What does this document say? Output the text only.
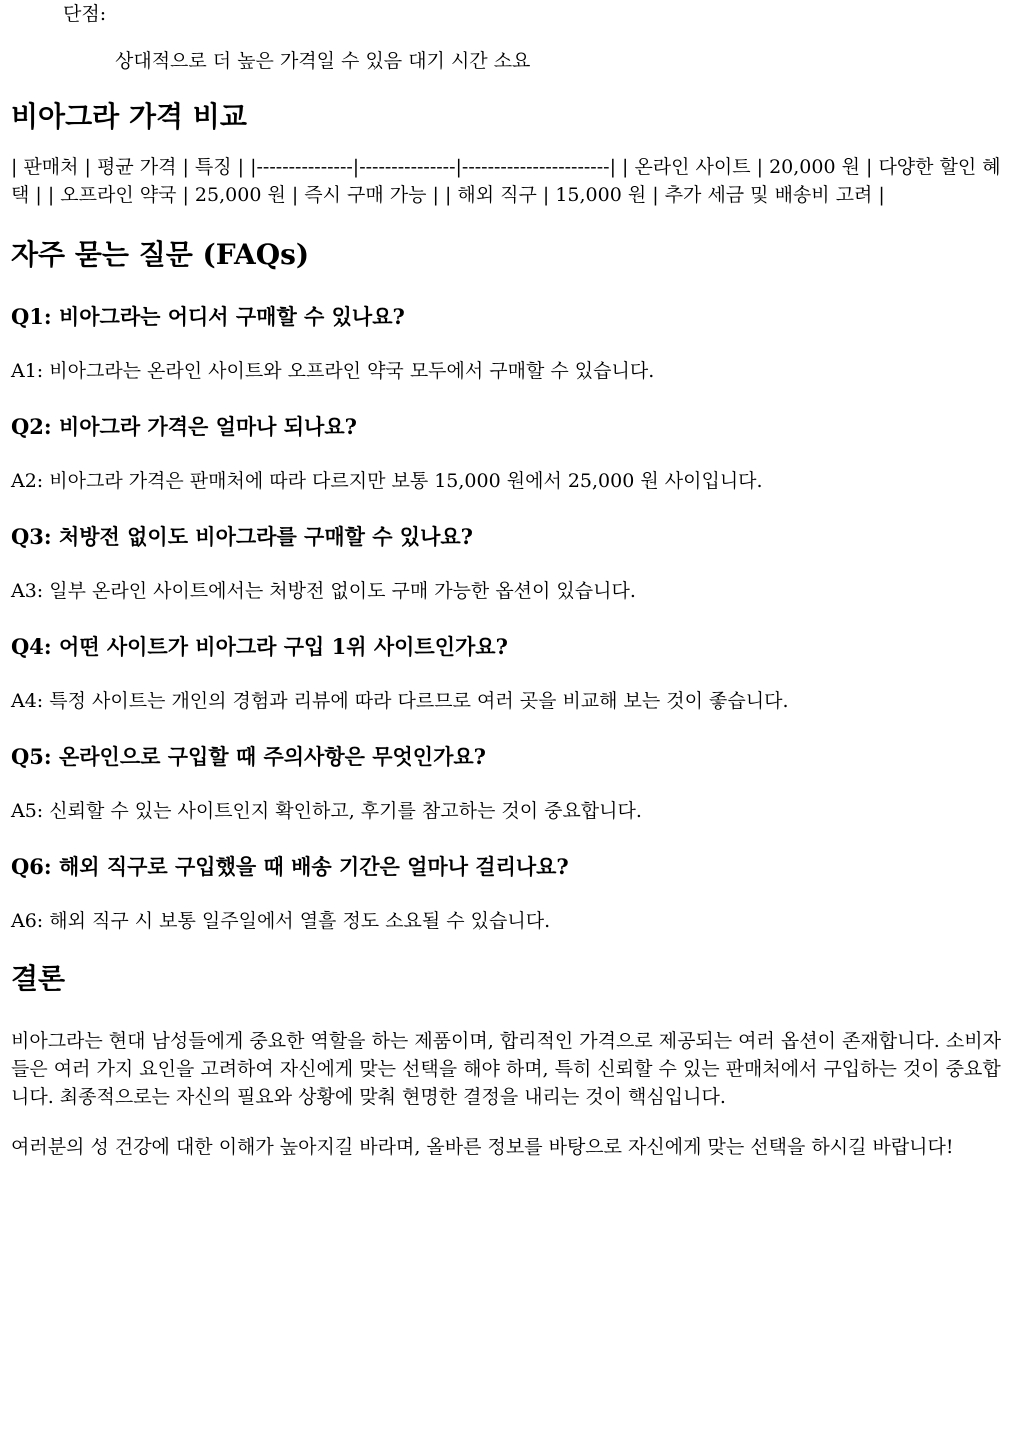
단점:

상대적으로 더 높은 가격일 수 있음 대기 시간 소요

비아그라 가격 비교

| 판매처 | 평균 가격 | 특징 | |---------------|---------------|-----------------------| | 온라인 사이트 | 20,000 원 | 다양한 할인 혜택 | | 오프라인 약국 | 25,000 원 | 즉시 구매 가능 | | 해외 직구 | 15,000 원 | 추가 세금 및 배송비 고려 |

자주 묻는 질문 (FAQs)
Q1: 비아그라는 어디서 구매할 수 있나요?

A1: 비아그라는 온라인 사이트와 오프라인 약국 모두에서 구매할 수 있습니다.

Q2: 비아그라 가격은 얼마나 되나요?

A2: 비아그라 가격은 판매처에 따라 다르지만 보통 15,000 원에서 25,000 원 사이입니다.

Q3: 처방전 없이도 비아그라를 구매할 수 있나요?

A3: 일부 온라인 사이트에서는 처방전 없이도 구매 가능한 옵션이 있습니다.

Q4: 어떤 사이트가 비아그라 구입 1위 사이트인가요?

A4: 특정 사이트는 개인의 경험과 리뷰에 따라 다르므로 여러 곳을 비교해 보는 것이 좋습니다.

Q5: 온라인으로 구입할 때 주의사항은 무엇인가요?

A5: 신뢰할 수 있는 사이트인지 확인하고, 후기를 참고하는 것이 중요합니다.

Q6: 해외 직구로 구입했을 때 배송 기간은 얼마나 걸리나요?

A6: 해외 직구 시 보통 일주일에서 열흘 정도 소요될 수 있습니다.

결론

비아그라는 현대 남성들에게 중요한 역할을 하는 제품이며, 합리적인 가격으로 제공되는 여러 옵션이 존재합니다. 소비자들은 여러 가지 요인을 고려하여 자신에게 맞는 선택을 해야 하며, 특히 신뢰할 수 있는 판매처에서 구입하는 것이 중요합니다. 최종적으로는 자신의 필요와 상황에 맞춰 현명한 결정을 내리는 것이 핵심입니다.

여러분의 성 건강에 대한 이해가 높아지길 바라며, 올바른 정보를 바탕으로 자신에게 맞는 선택을 하시길 바랍니다!
